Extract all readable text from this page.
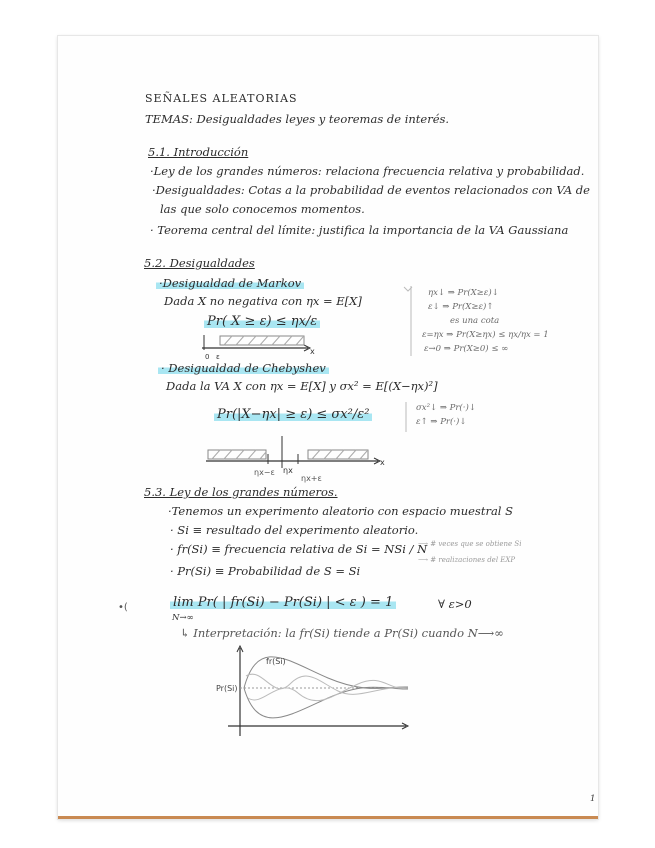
SEÑALES ALEATORIAS
TEMAS: Desigualdades leyes y teoremas de interés.
5.1. Introducción
·Ley de los grandes números: relaciona frecuencia relativa y probabilidad.
·Desigualdades: Cotas a la probabilidad de eventos relacionados con VA de
las que solo conocemos momentos.
· Teorema central del límite: justifica la importancia de la VA Gaussiana
5.2. Desigualdades
·Desigualdad de Markov
Dada X no negativa con ηx = E[X]
Pr( X ≥ ε) ≤ ηx/ε
ηx↓ ⇒ Pr(X≥ε)↓
ε↓ ⇒ Pr(X≥ε)↑
es una cota
ε=ηx ⇒ Pr(X≥ηx) ≤ ηx/ηx = 1
ε→0 ⇒ Pr(X≥0) ≤ ∞
· Desigualdad de Chebyshev
Dada la VA X con ηx = E[X] y σx² = E[(X−ηx)²]
Pr(|X−ηx| ≥ ε) ≤ σx²/ε²	σx²↓ ⇒ Pr(·)↓
ε↑ ⇒ Pr(·)↓
5.3. Ley de los grandes números.
·Tenemos un experimento aleatorio con espacio muestral S
· Si ≡ resultado del experimento aleatorio.
· fr(Si) ≡ frecuencia relativa de Si = NSi / N
⟶ # veces que se obtiene Si
⟶ # realizaciones del EXP
· Pr(Si) ≡ Probabilidad de S = Si
lim Pr( | fr(Si) − Pr(Si) | < ε ) = 1
N→∞
∀ ε>0
↳ Interpretación: la fr(Si) tiende a Pr(Si) cuando N⟶∞
1
0 ε
x
ηx−ε ηx
ηx+ε
x
•(
fr(Si)
Pr(Si)
